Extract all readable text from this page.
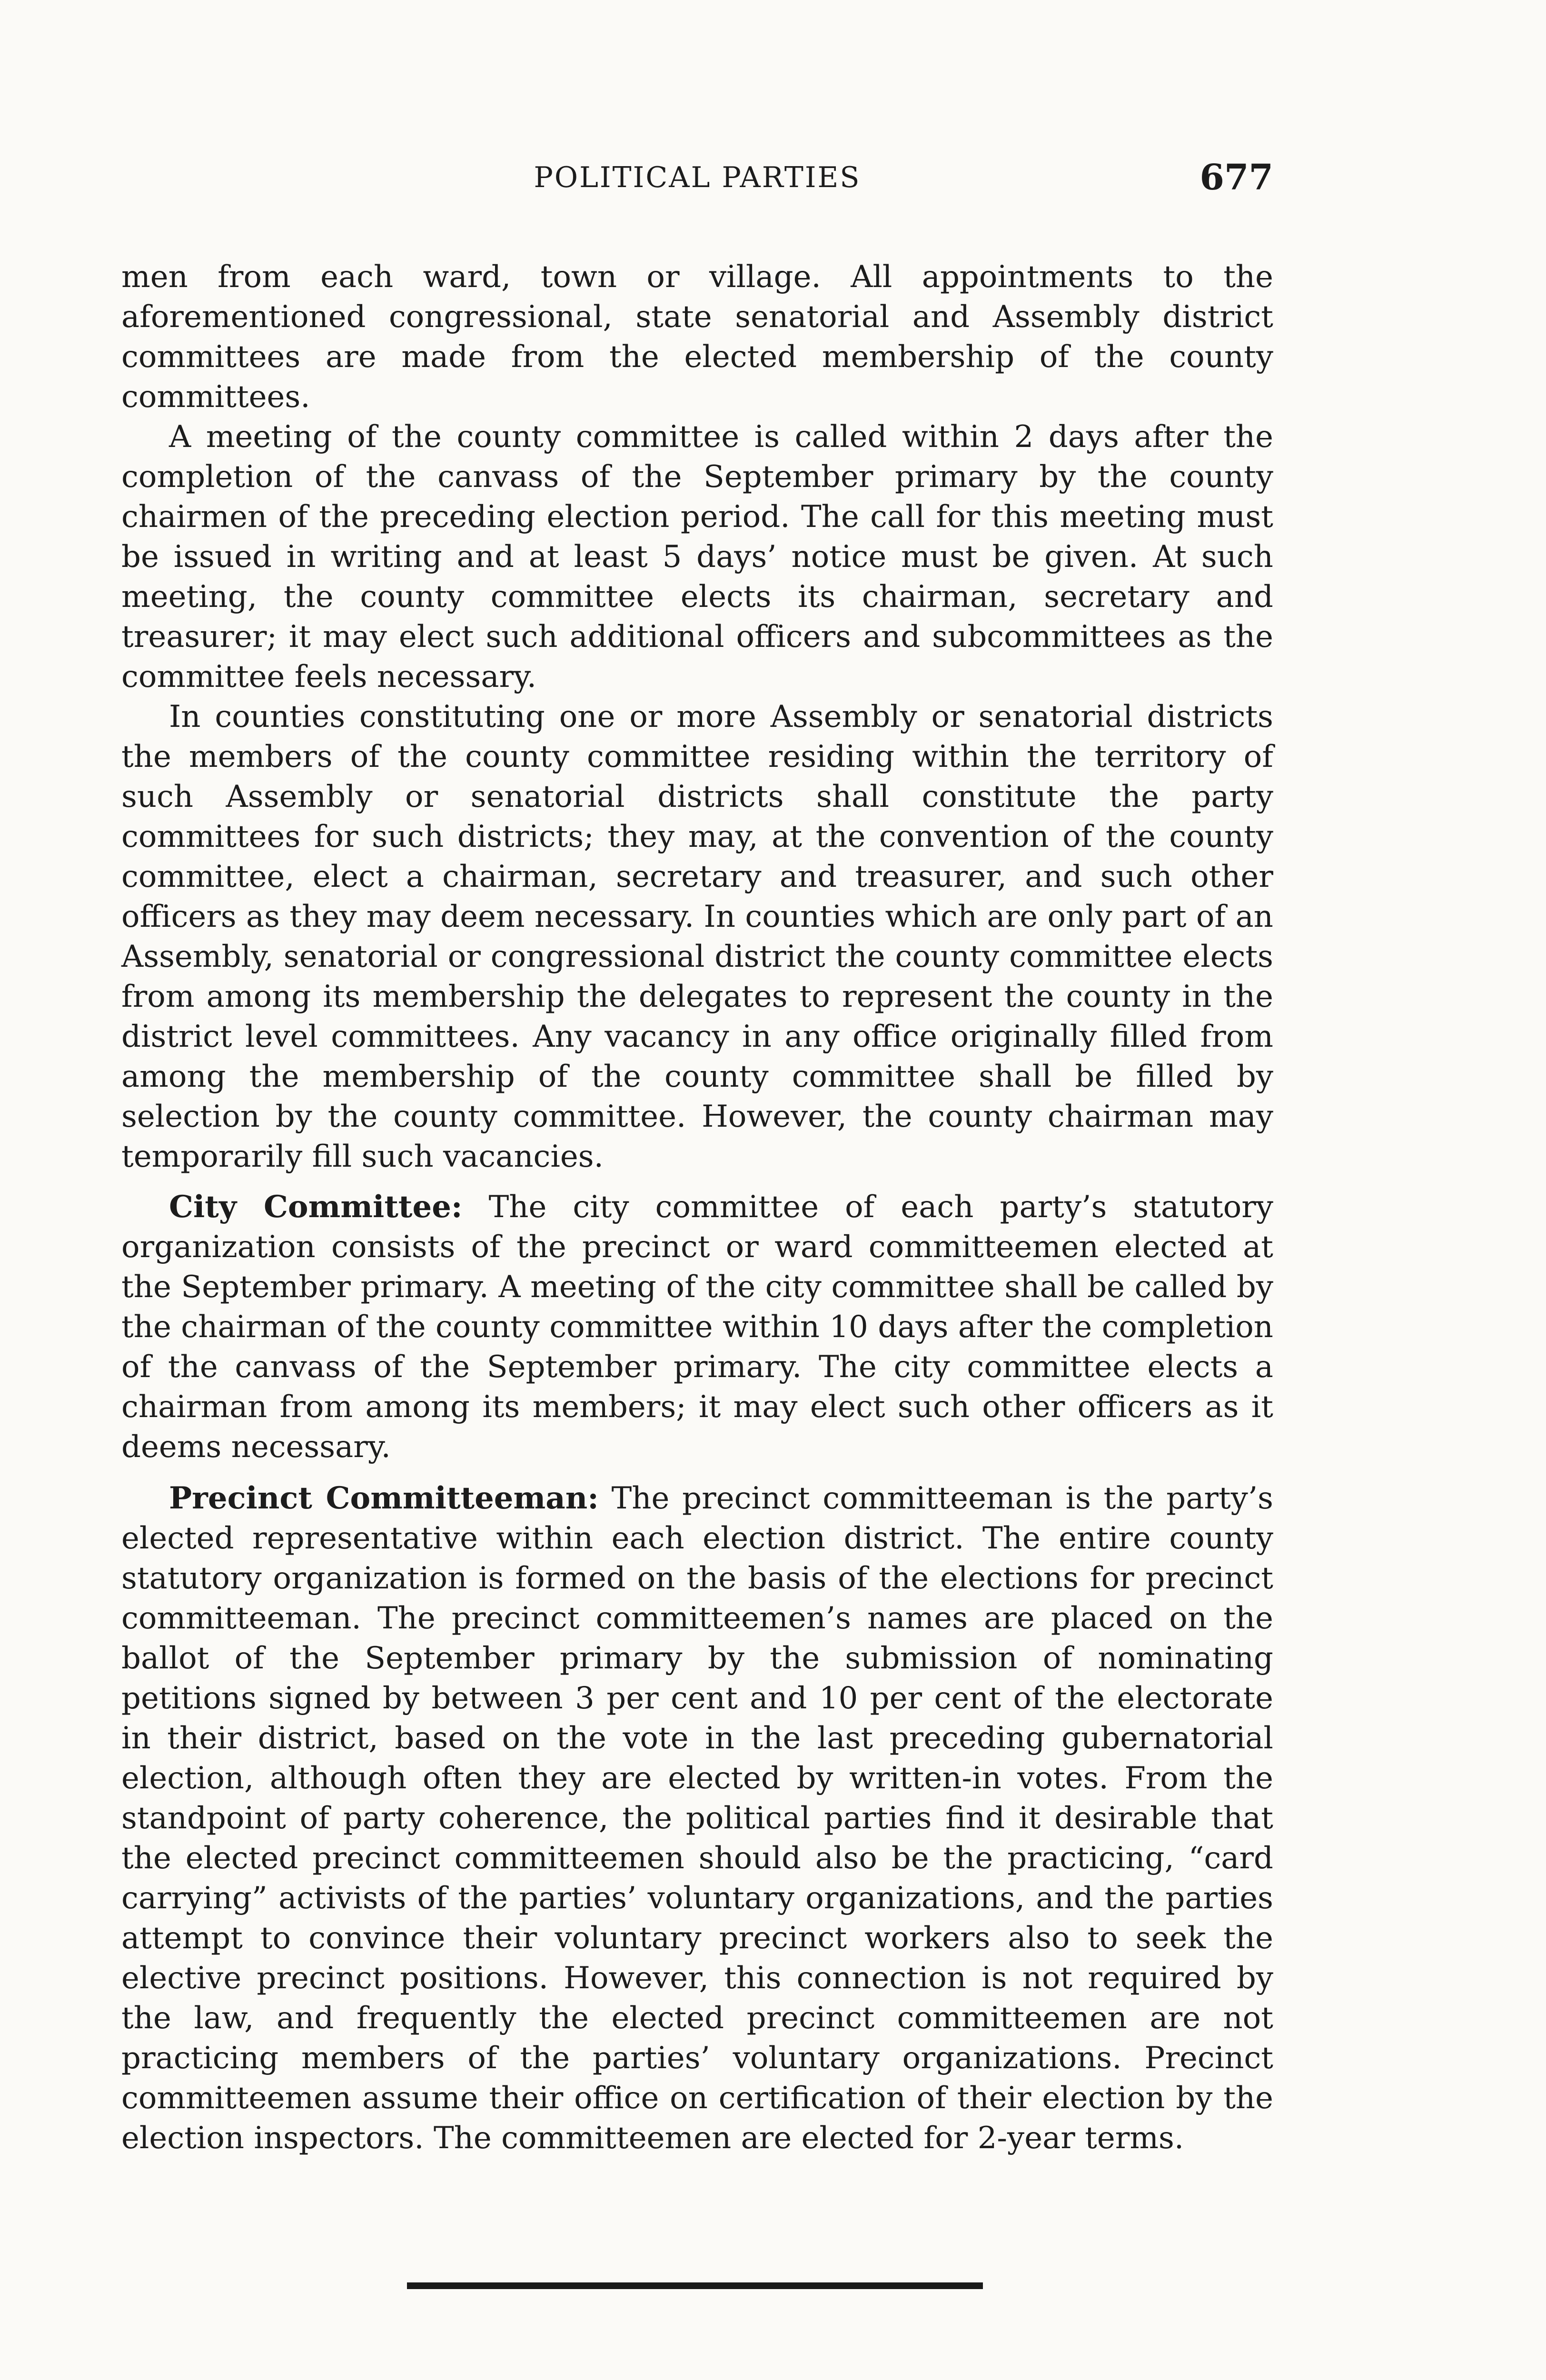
POLITICAL PARTIES	677

men from each ward, town or village. All appointments to the aforementioned congressional, state senatorial and Assembly district committees are made from the elected membership of the county committees.

A meeting of the county committee is called within 2 days after the completion of the canvass of the September primary by the county chairmen of the preceding election period. The call for this meeting must be issued in writing and at least 5 days’ notice must be given. At such meeting, the county committee elects its chairman, secretary and treasurer; it may elect such additional officers and subcommittees as the committee feels necessary.

In counties constituting one or more Assembly or senatorial districts the members of the county committee residing within the territory of such Assembly or senatorial districts shall constitute the party committees for such districts; they may, at the convention of the county committee, elect a chairman, secretary and treasurer, and such other officers as they may deem necessary. In counties which are only part of an Assembly, senatorial or congressional district the county committee elects from among its membership the delegates to represent the county in the district level committees. Any vacancy in any office originally filled from among the membership of the county committee shall be filled by selection by the county committee. However, the county chairman may temporarily fill such vacancies.

City Committee: The city committee of each party’s statutory organization consists of the precinct or ward committeemen elected at the September primary. A meeting of the city committee shall be called by the chairman of the county committee within 10 days after the completion of the canvass of the September primary. The city committee elects a chairman from among its members; it may elect such other officers as it deems necessary.

Precinct Committeeman: The precinct committeeman is the party’s elected representative within each election district. The entire county statutory organization is formed on the basis of the elections for precinct committeeman. The precinct committeemen’s names are placed on the ballot of the September primary by the submission of nominating petitions signed by between 3 per cent and 10 per cent of the electorate in their district, based on the vote in the last preceding gubernatorial election, although often they are elected by written-in votes. From the standpoint of party coherence, the political parties find it desirable that the elected precinct committeemen should also be the practicing, “card carrying” activists of the parties’ voluntary organizations, and the parties attempt to convince their voluntary precinct workers also to seek the elective precinct positions. However, this connection is not required by the law, and frequently the elected precinct committeemen are not practicing members of the parties’ voluntary organizations. Precinct committeemen assume their office on certification of their election by the election inspectors. The committeemen are elected for 2-year terms.
